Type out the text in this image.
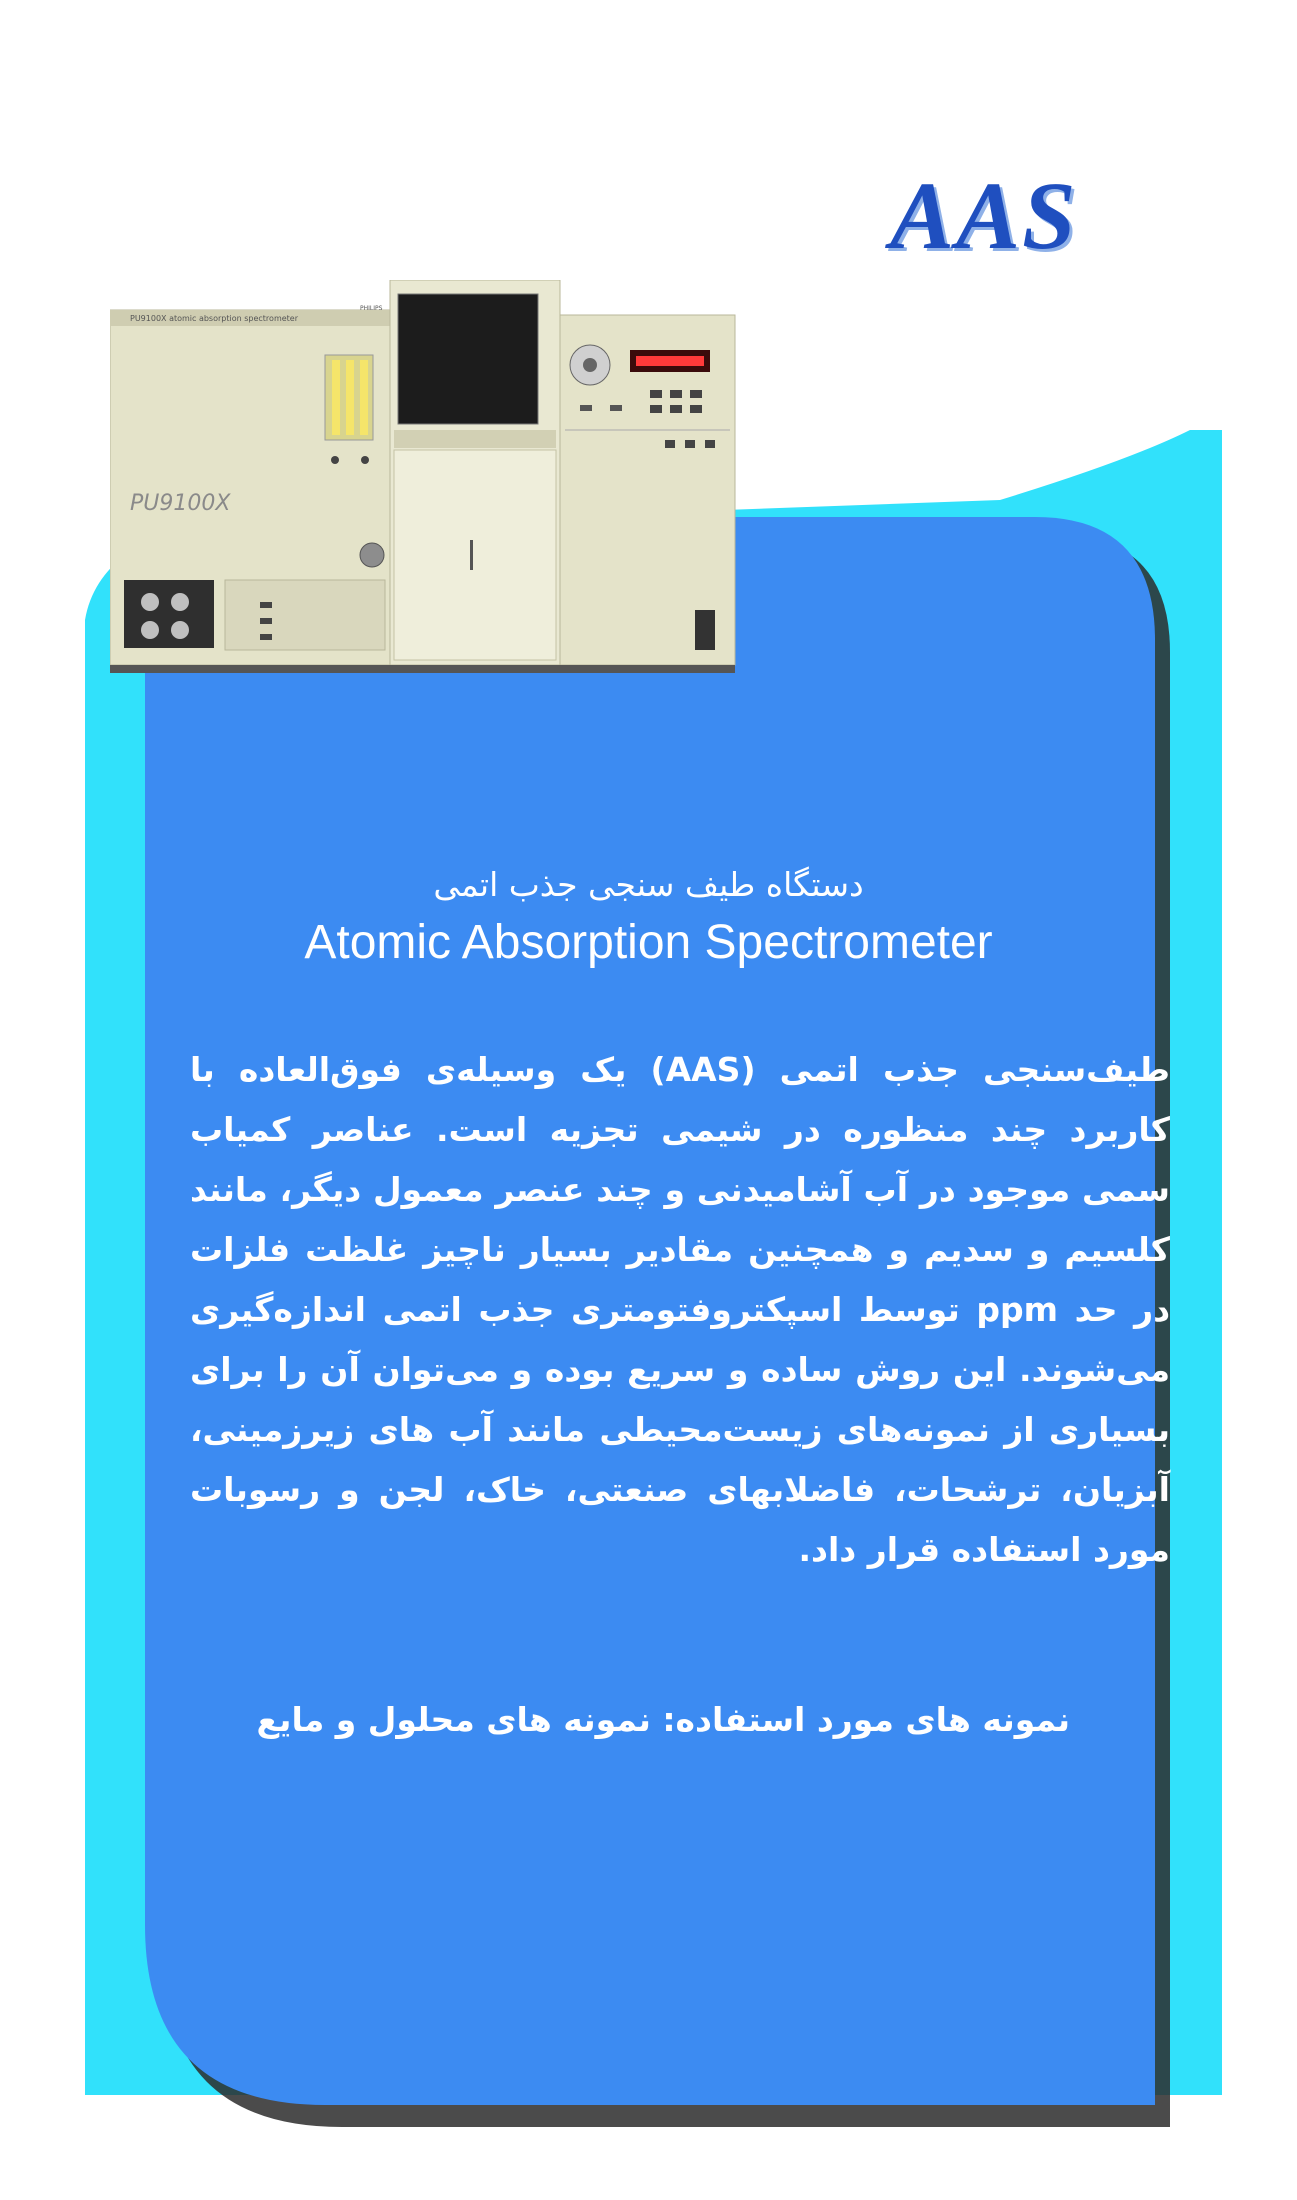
AAS
PU9100X atomic absorption spectrometer
PU9100X
PHILIPS
دستگاه طیف سنجی جذب اتمی
Atomic Absorption Spectrometer
طیف‌سنجی جذب اتمی (AAS) یک وسیله‌ی فوق‌العاده با کاربرد چند منظوره در شیمی تجزیه است. عناصر کمیاب سمی موجود در آب آشامیدنی و چند عنصر معمول دیگر، مانند کلسیم و سدیم و همچنین مقادیر بسیار ناچیز غلظت فلزات در حد ppm توسط اسپکتروفتومتری جذب اتمی اندازه‌گیری می‌شوند. این روش ساده و سریع بوده و می‌توان آن را برای بسیاری از نمونه‌های زیست‌محیطی مانند آب های زیرزمینی، آبزیان، ترشحات، فاضلابهای صنعتی، خاک، لجن و رسوبات مورد استفاده قرار داد.
نمونه های مورد استفاده: نمونه های محلول و مایع
